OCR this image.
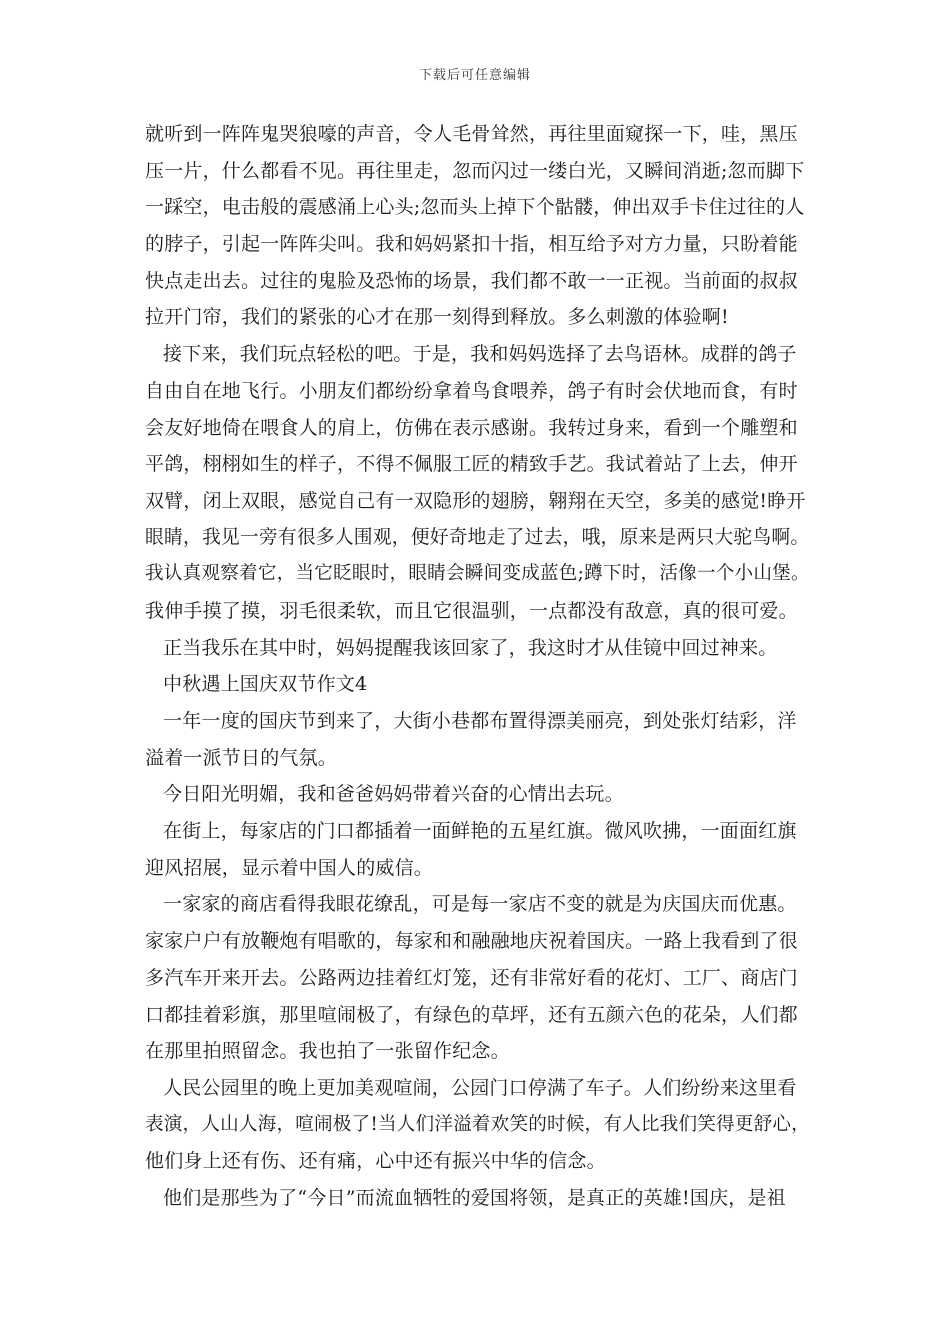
下载后可任意编辑
就听到一阵阵鬼哭狼嚎的声音，令人毛骨耸然，再往里面窥探一下，哇，黑压
压一片，什么都看不见。再往里走，忽而闪过一缕白光，又瞬间消逝;忽而脚下
一踩空，电击般的震感涌上心头;忽而头上掉下个骷髅，伸出双手卡住过往的人
的脖子，引起一阵阵尖叫。我和妈妈紧扣十指，相互给予对方力量，只盼着能
快点走出去。过往的鬼脸及恐怖的场景，我们都不敢一一正视。当前面的叔叔
拉开门帘，我们的紧张的心才在那一刻得到释放。多么刺激的体验啊!
接下来，我们玩点轻松的吧。于是，我和妈妈选择了去鸟语林。成群的鸽子
自由自在地飞行。小朋友们都纷纷拿着鸟食喂养，鸽子有时会伏地而食，有时
会友好地倚在喂食人的肩上，仿佛在表示感谢。我转过身来，看到一个雕塑和
平鸽，栩栩如生的样子，不得不佩服工匠的精致手艺。我试着站了上去，伸开
双臂，闭上双眼，感觉自己有一双隐形的翅膀，翱翔在天空，多美的感觉!睁开
眼睛，我见一旁有很多人围观，便好奇地走了过去，哦，原来是两只大驼鸟啊。
我认真观察着它，当它眨眼时，眼睛会瞬间变成蓝色;蹲下时，活像一个小山堡。
我伸手摸了摸，羽毛很柔软，而且它很温驯，一点都没有敌意，真的很可爱。
正当我乐在其中时，妈妈提醒我该回家了，我这时才从佳镜中回过神来。
中秋遇上国庆双节作文4
一年一度的国庆节到来了，大街小巷都布置得漂美丽亮，到处张灯结彩，洋
溢着一派节日的气氛。
今日阳光明媚，我和爸爸妈妈带着兴奋的心情出去玩。
在街上，每家店的门口都插着一面鲜艳的五星红旗。微风吹拂，一面面红旗
迎风招展，显示着中国人的威信。
一家家的商店看得我眼花缭乱，可是每一家店不变的就是为庆国庆而优惠。
家家户户有放鞭炮有唱歌的，每家和和融融地庆祝着国庆。一路上我看到了很
多汽车开来开去。公路两边挂着红灯笼，还有非常好看的花灯、工厂、商店门
口都挂着彩旗，那里喧闹极了，有绿色的草坪，还有五颜六色的花朵，人们都
在那里拍照留念。我也拍了一张留作纪念。
人民公园里的晚上更加美观喧闹，公园门口停满了车子。人们纷纷来这里看
表演，人山人海，喧闹极了!当人们洋溢着欢笑的时候，有人比我们笑得更舒心，
他们身上还有伤、还有痛，心中还有振兴中华的信念。
他们是那些为了“今日”而流血牺牲的爱国将领，是真正的英雄!国庆，是祖
